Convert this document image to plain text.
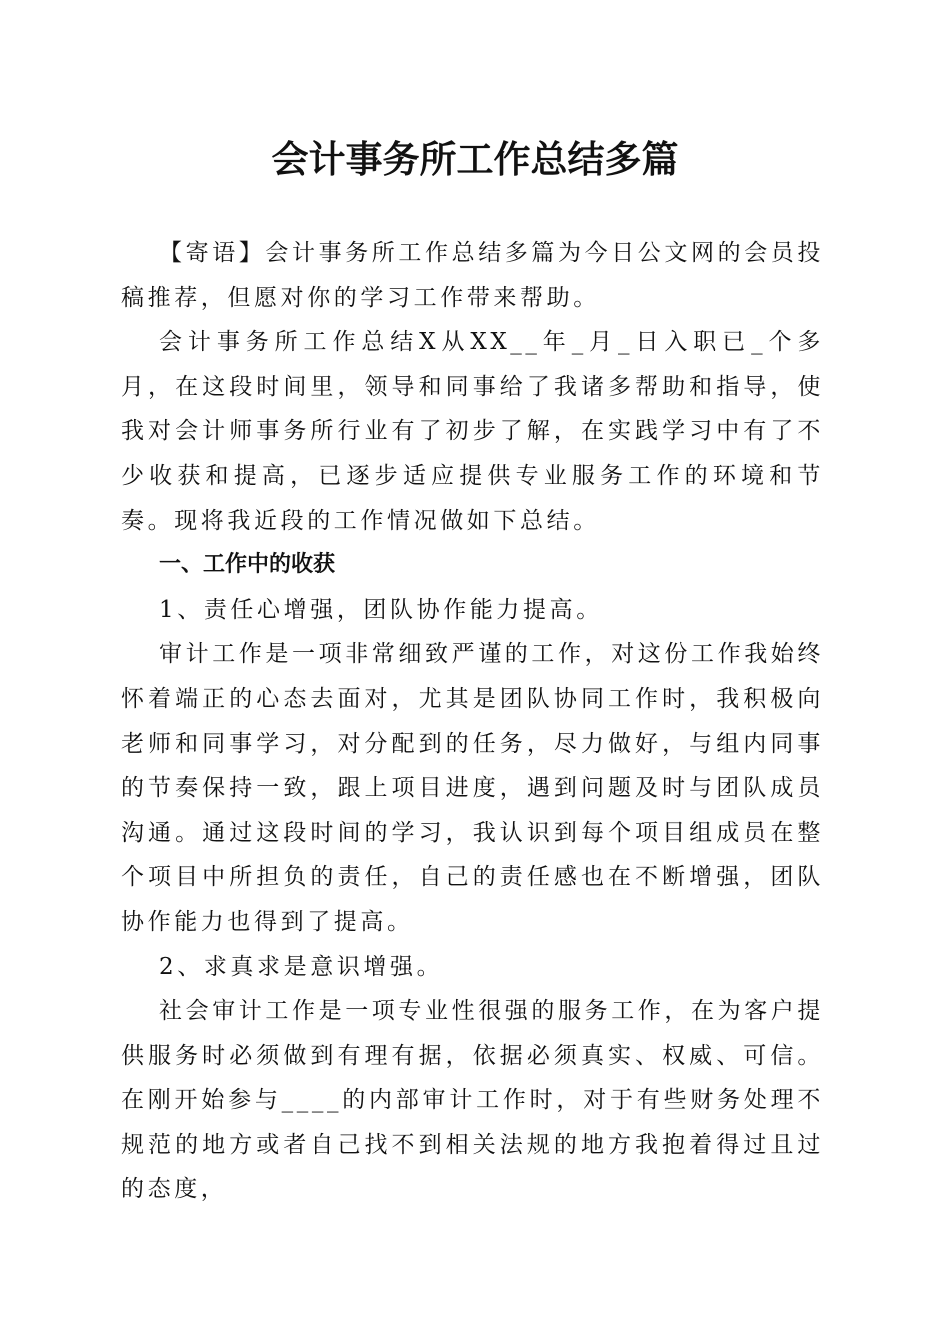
会计事务所工作总结多篇

【寄语】会计事务所工作总结多篇为今日公文网的会员投稿推荐，但愿对你的学习工作带来帮助。

会计事务所工作总结X从XX__年_月_日入职已_个多月，在这段时间里，领导和同事给了我诸多帮助和指导，使我对会计师事务所行业有了初步了解，在实践学习中有了不少收获和提高，已逐步适应提供专业服务工作的环境和节奏。现将我近段的工作情况做如下总结。

一、工作中的收获

1、责任心增强，团队协作能力提高。

审计工作是一项非常细致严谨的工作，对这份工作我始终怀着端正的心态去面对，尤其是团队协同工作时，我积极向老师和同事学习，对分配到的任务，尽力做好，与组内同事的节奏保持一致，跟上项目进度，遇到问题及时与团队成员沟通。通过这段时间的学习，我认识到每个项目组成员在整个项目中所担负的责任，自己的责任感也在不断增强，团队协作能力也得到了提高。

2、求真求是意识增强。

社会审计工作是一项专业性很强的服务工作，在为客户提供服务时必须做到有理有据，依据必须真实、权威、可信。在刚开始参与____的内部审计工作时，对于有些财务处理不规范的地方或者自己找不到相关法规的地方我抱着得过且过的态度，
